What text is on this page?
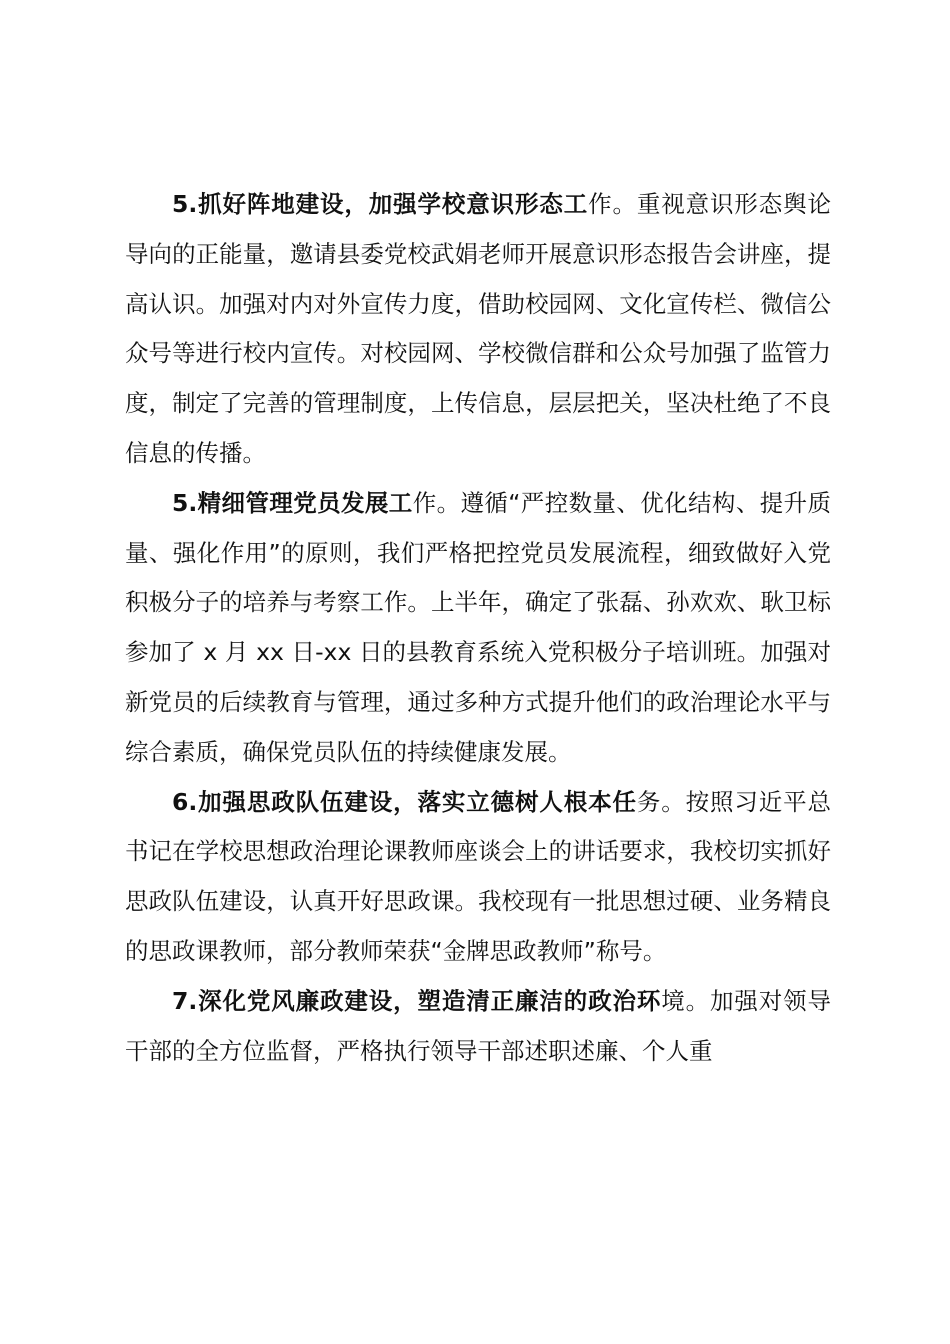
5.抓好阵地建设，加强学校意识形态工作。重视意识形态舆论导向的正能量，邀请县委党校武娟老师开展意识形态报告会讲座，提高认识。加强对内对外宣传力度，借助校园网、文化宣传栏、微信公众号等进行校内宣传。对校园网、学校微信群和公众号加强了监管力度，制定了完善的管理制度，上传信息，层层把关，坚决杜绝了不良信息的传播。

5.精细管理党员发展工作。遵循“严控数量、优化结构、提升质量、强化作用”的原则，我们严格把控党员发展流程，细致做好入党积极分子的培养与考察工作。上半年，确定了张磊、孙欢欢、耿卫标参加了 x 月 xx 日-xx 日的县教育系统入党积极分子培训班。加强对新党员的后续教育与管理，通过多种方式提升他们的政治理论水平与综合素质，确保党员队伍的持续健康发展。

6.加强思政队伍建设，落实立德树人根本任务。按照习近平总书记在学校思想政治理论课教师座谈会上的讲话要求，我校切实抓好思政队伍建设，认真开好思政课。我校现有一批思想过硬、业务精良的思政课教师，部分教师荣获“金牌思政教师”称号。

7.深化党风廉政建设，塑造清正廉洁的政治环境。加强对领导干部的全方位监督，严格执行领导干部述职述廉、个人重
